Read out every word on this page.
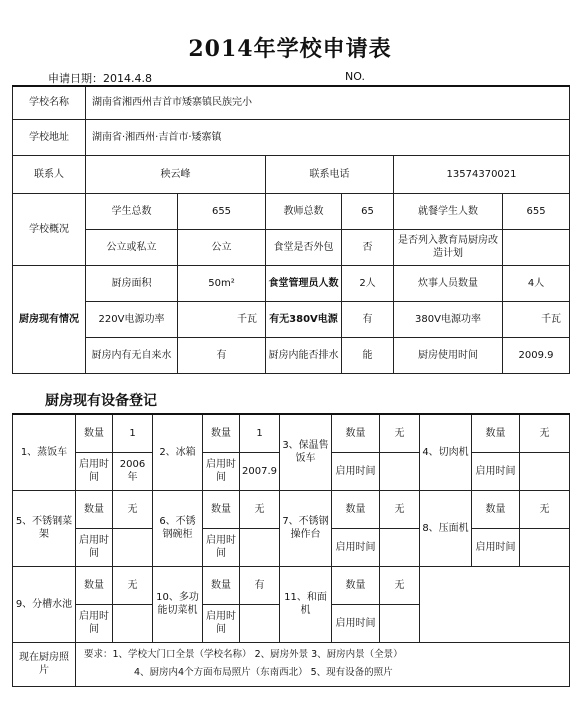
2014年学校申请表
申请日期：2014.4.8	NO.
学校名称	湖南省湘西州吉首市矮寨镇民族完小					
学校地址	湖南省·湘西州·吉首市·矮寨镇					
联系人	秧云峰		联系电话		13574370021	
学校概况	学生总数	655	教师总数	65	就餐学生人数	655
	公立或私立	公立	食堂是否外包	否	是否列入教育局厨房改造计划	
厨房现有情况	厨房面积	50m²	食堂管理员人数	2人	炊事人员数量	4人
	220V电源功率	千瓦	有无380V电源	有	380V电源功率	千瓦
	厨房内有无自来水	有	厨房内能否排水	能	厨房使用时间	2009.9
厨房现有设备登记
1、蒸饭车	数量	1	2、冰箱	数量	1	3、保温售饭车	数量	无	4、切肉机	数量	无
	启用时间	2006年		启用时间	2007.9		启用时间			启用时间	
5、不锈钢菜架	数量	无	6、不锈钢碗柜	数量	无	7、不锈钢操作台	数量	无	8、压面机	数量	无
	启用时间			启用时间			启用时间			启用时间	
9、分槽水池	数量	无	10、多功能切菜机	数量	有	11、和面机	数量	无			
	启用时间			启用时间			启用时间				
现在厨房照片	要求：1、学校大门口全景（学校名称） 2、厨房外景 3、厨房内景（全景）
4、厨房内4个方面布局照片（东南西北） 5、现有设备的照片										
